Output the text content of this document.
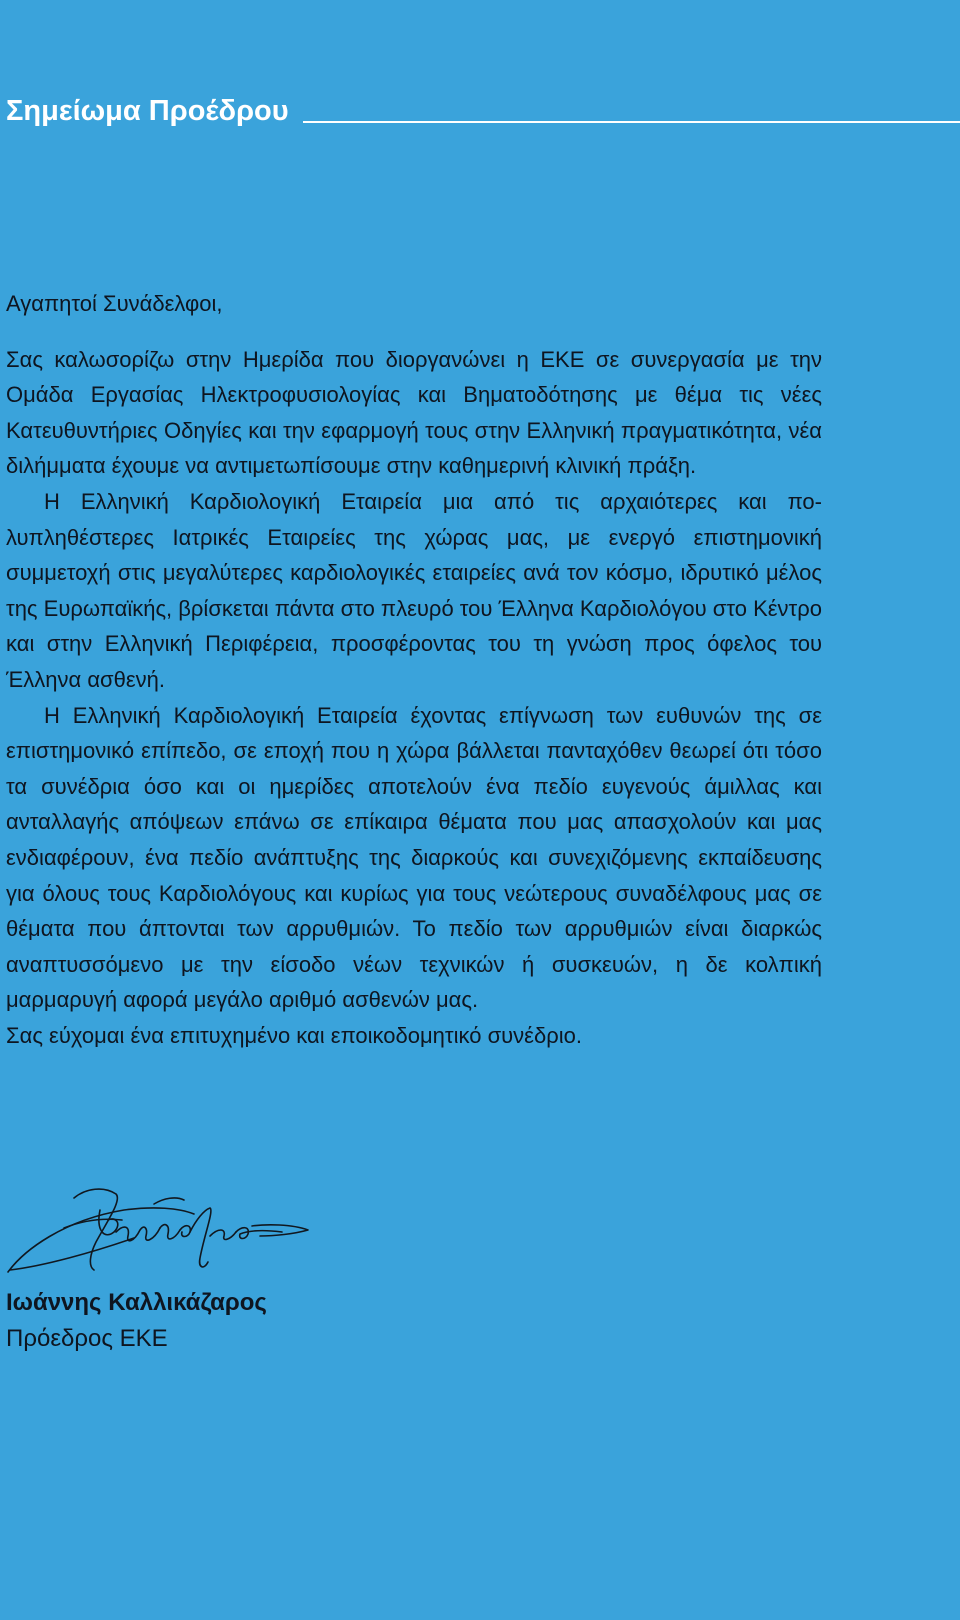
Σημείωμα Προέδρου

Αγαπητοί Συνάδελφοι,

Σας καλωσορίζω στην Ημερίδα που διοργανώνει η ΕΚΕ σε συνεργασία με την Ομάδα Εργασίας Ηλεκτροφυσιολογίας και Βηματοδότησης με θέμα τις νέες Κατευθυντήριες Οδηγίες και την εφαρμογή τους στην Ελληνική πραγματικότητα, νέα διλήμματα έχουμε να αντιμετωπίσουμε στην καθημερινή κλινική πράξη.

Η Ελληνική Καρδιολογική Εταιρεία μια από τις αρχαιότερες και πολυπληθέστερες Ιατρικές Εταιρείες της χώρας μας, με ενεργό επιστημονική συμμετοχή στις μεγαλύτερες καρδιολογικές εταιρείες ανά τον κόσμο, ιδρυτικό μέλος της Ευρωπαϊκής, βρίσκεται πάντα στο πλευρό του Έλληνα Καρδιολόγου στο Κέντρο και στην Ελληνική Περιφέρεια, προσφέροντας του τη γνώση προς όφελος του Έλληνα ασθενή.

Η Ελληνική Καρδιολογική Εταιρεία έχοντας επίγνωση των ευθυνών της σε επιστημονικό επίπεδο, σε εποχή που η χώρα βάλλεται πανταχόθεν θεωρεί ότι τόσο τα συνέδρια όσο και οι ημερίδες αποτελούν ένα πεδίο ευγενούς άμιλλας και ανταλλαγής απόψεων επάνω σε επίκαιρα θέματα που μας απασχολούν και μας ενδιαφέρουν, ένα πεδίο ανάπτυξης της διαρκούς και συνεχιζόμενης εκπαίδευσης για όλους τους Καρδιολόγους και κυρίως για τους νεώτερους συναδέλφους μας σε θέματα που άπτονται των αρρυθμιών. Το πεδίο των αρρυθμιών είναι διαρκώς αναπτυσσόμενο με την είσοδο νέων τεχνικών ή συσκευών, η δε κολπική μαρμαρυγή αφορά μεγάλο αριθμό ασθενών μας.

Σας εύχομαι ένα επιτυχημένο και εποικοδομητικό συνέδριο.

Ιωάννης Καλλικάζαρος
Πρόεδρος ΕΚΕ
